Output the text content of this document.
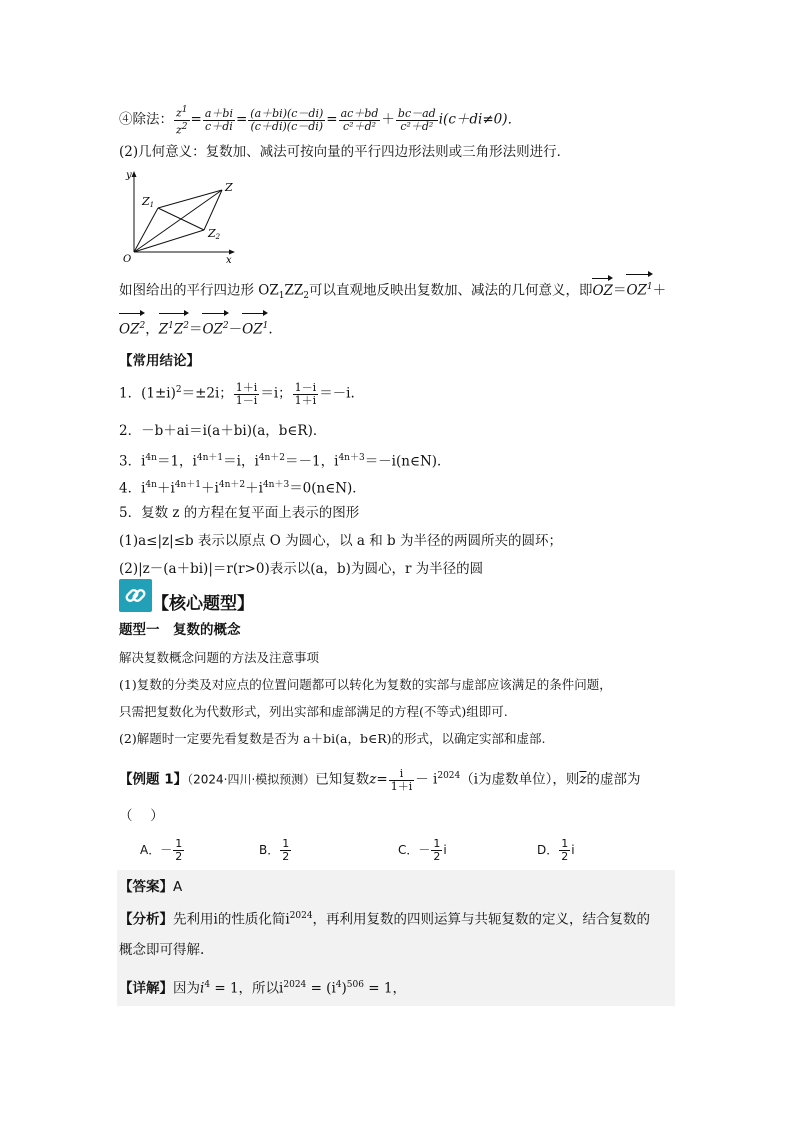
④除法： $\frac{z^1}{z^2} = \frac{a+bi}{c+di} = \frac{(a+bi)(c-di)}{(c+di)(c-di)} = \frac{ac+bd}{\text{c²＋d²}} + \frac{bc-ad}{\text{c²＋d²}} i(c+di\ne 0)$．
(2)几何意义：复数加、减法可按向量的平行四边形法则或三角形法则进行．
y
x
O
Z
Z1
Z2
如图给出的平行四边形 $OZ_1ZZ_2$可以直观地反映出复数加、减法的几何意义，即$OZ=OZ^1+$
$OZ^2$，$Z^1Z^2=OZ^2-OZ^1$.
【常用结论】
1．$(1\pm i)^2=\pm 2i$； $\frac{1+i}{1-i} =i$； $\frac{1-i}{1+i} =-i$.
2．－b＋ai＝i(a＋bi)(a，b∈R)．
3．$i^{4n}=1$，$i^{4n+1}=i$，$i^{4n+2}=-1$，$i^{4n+3}=-i(n\in N)$．
4．$i^{4n}+i^{4n+1}+i^{4n+2}+i^{4n+3}=0(n\in N)$．
5．复数 z 的方程在复平面上表示的图形
(1)a≤|z|≤b 表示以原点 O 为圆心，以 a 和 b 为半径的两圆所夹的圆环；
(2)|z－(a＋bi)|＝r(r>0)表示以(a，b)为圆心，r 为半径的圆
【核心题型】
题型一　复数的概念
解决复数概念问题的方法及注意事项
(1)复数的分类及对应点的位置问题都可以转化为复数的实部与虚部应该满足的条件问题，
只需把复数化为代数形式，列出实部和虚部满足的方程(不等式)组即可.
(2)解题时一定要先看复数是否为 a＋bi(a，b∈R)的形式，以确定实部和虚部.
【例题 1】（2024·四川·模拟预测）已知复数$z= \frac{i}{1+i} - i^{2024}(i$为虚数单位），则$\overline{z}$的虚部为
（　 ）
A．－ $\frac{1}{2}$	B． $\frac{1}{2}$	C．－ $\frac{1}{2}$ i	D． $\frac{1}{2}$ i
【答案】A
【分析】先利用i的性质化简$i^{2024}$，再利用复数的四则运算与共轭复数的定义，结合复数的
概念即可得解.
【详解】因为$i^4 = 1$，所以$i^{2024} = (i^4)^{506} = 1$，
